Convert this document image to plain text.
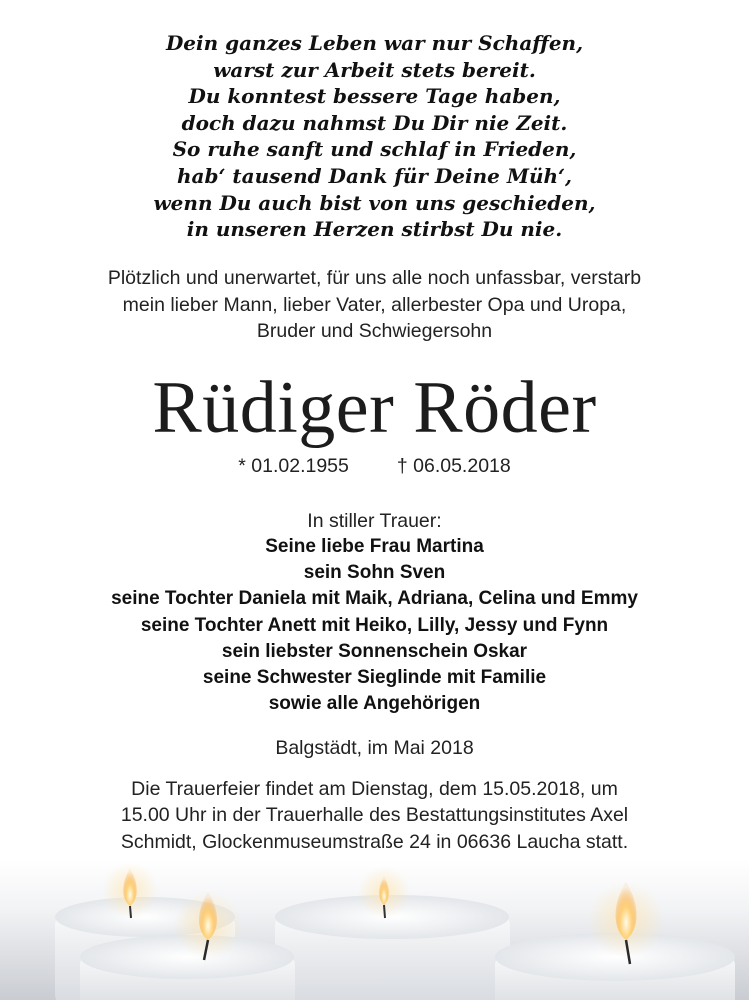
Dein ganzes Leben war nur Schaffen,
warst zur Arbeit stets bereit.
Du konntest bessere Tage haben,
doch dazu nahmst Du Dir nie Zeit.
So ruhe sanft und schlaf in Frieden,
hab‘ tausend Dank für Deine Müh‘,
wenn Du auch bist von uns geschieden,
in unseren Herzen stirbst Du nie.
Plötzlich und unerwartet, für uns alle noch unfassbar, verstarb
mein lieber Mann, lieber Vater, allerbester Opa und Uropa,
Bruder und Schwiegersohn
Rüdiger Röder
* 01.02.1955 † 06.05.2018
In stiller Trauer:
Seine liebe Frau Martina
sein Sohn Sven
seine Tochter Daniela mit Maik, Adriana, Celina und Emmy
seine Tochter Anett mit Heiko, Lilly, Jessy und Fynn
sein liebster Sonnenschein Oskar
seine Schwester Sieglinde mit Familie
sowie alle Angehörigen
Balgstädt, im Mai 2018
Die Trauerfeier findet am Dienstag, dem 15.05.2018, um
15.00 Uhr in der Trauerhalle des Bestattungsinstitutes Axel
Schmidt, Glockenmuseumstraße 24 in 06636 Laucha statt.
